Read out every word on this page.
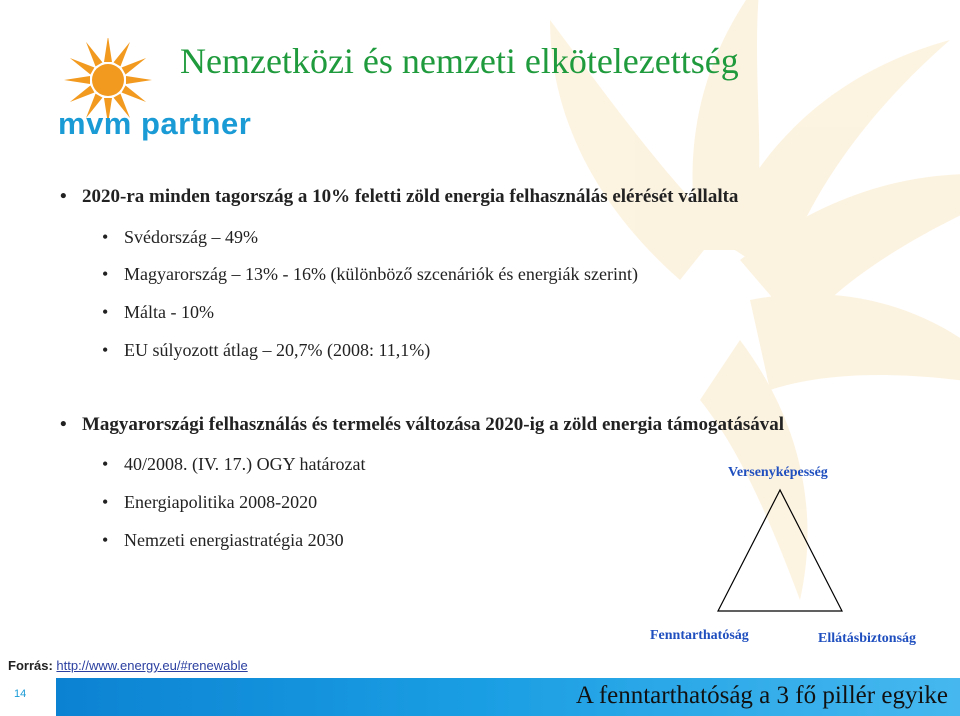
mvm partner
Nemzetközi és nemzeti elkötelezettség
• 2020-ra minden tagország a 10% feletti zöld energia felhasználás elérését vállalta
• Svédország – 49%
• Magyarország – 13% - 16% (különböző szcenáriók és energiák szerint)
• Málta - 10%
• EU súlyozott átlag – 20,7% (2008: 11,1%)
• Magyarországi felhasználás és termelés változása 2020-ig a zöld energia támogatásával
• 40/2008. (IV. 17.) OGY határozat
• Energiapolitika 2008-2020
• Nemzeti energiastratégia 2030
Versenyképesség
Fenntarthatóság	Ellátásbiztonság
Forrás: http://www.energy.eu/#renewable
14	A fenntarthatóság a 3 fő pillér egyike
